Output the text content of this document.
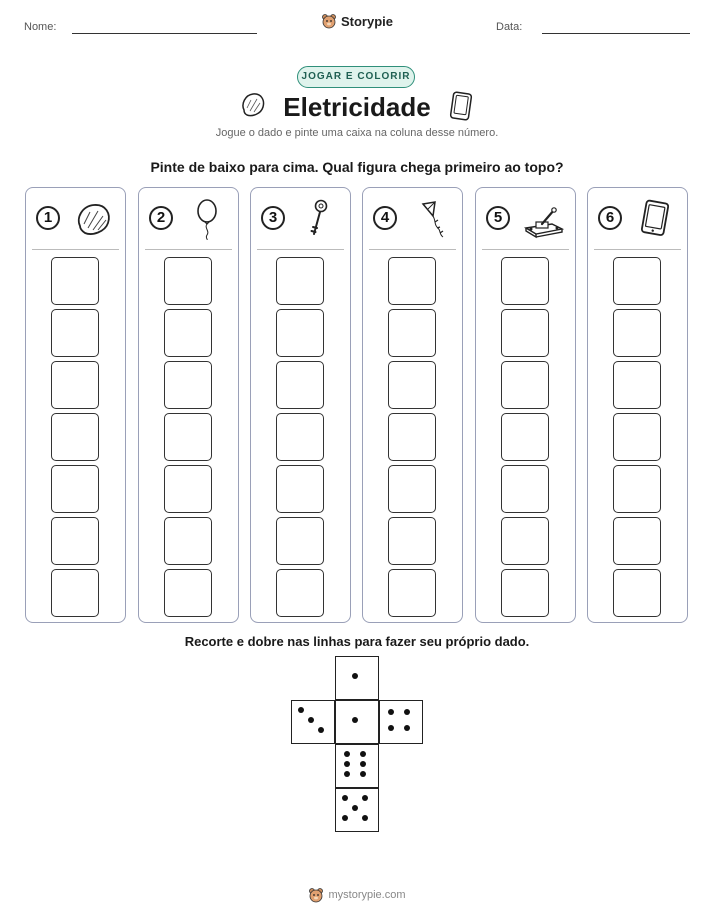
Nome:	Storypie	Data:
JOGAR E COLORIR
Eletricidade
Jogue o dado e pinte uma caixa na coluna desse número.
Pinte de baixo para cima. Qual figura chega primeiro ao topo?
1	2	3	4	5	6
Recorte e dobre nas linhas para fazer seu próprio dado.
mystorypie.com
